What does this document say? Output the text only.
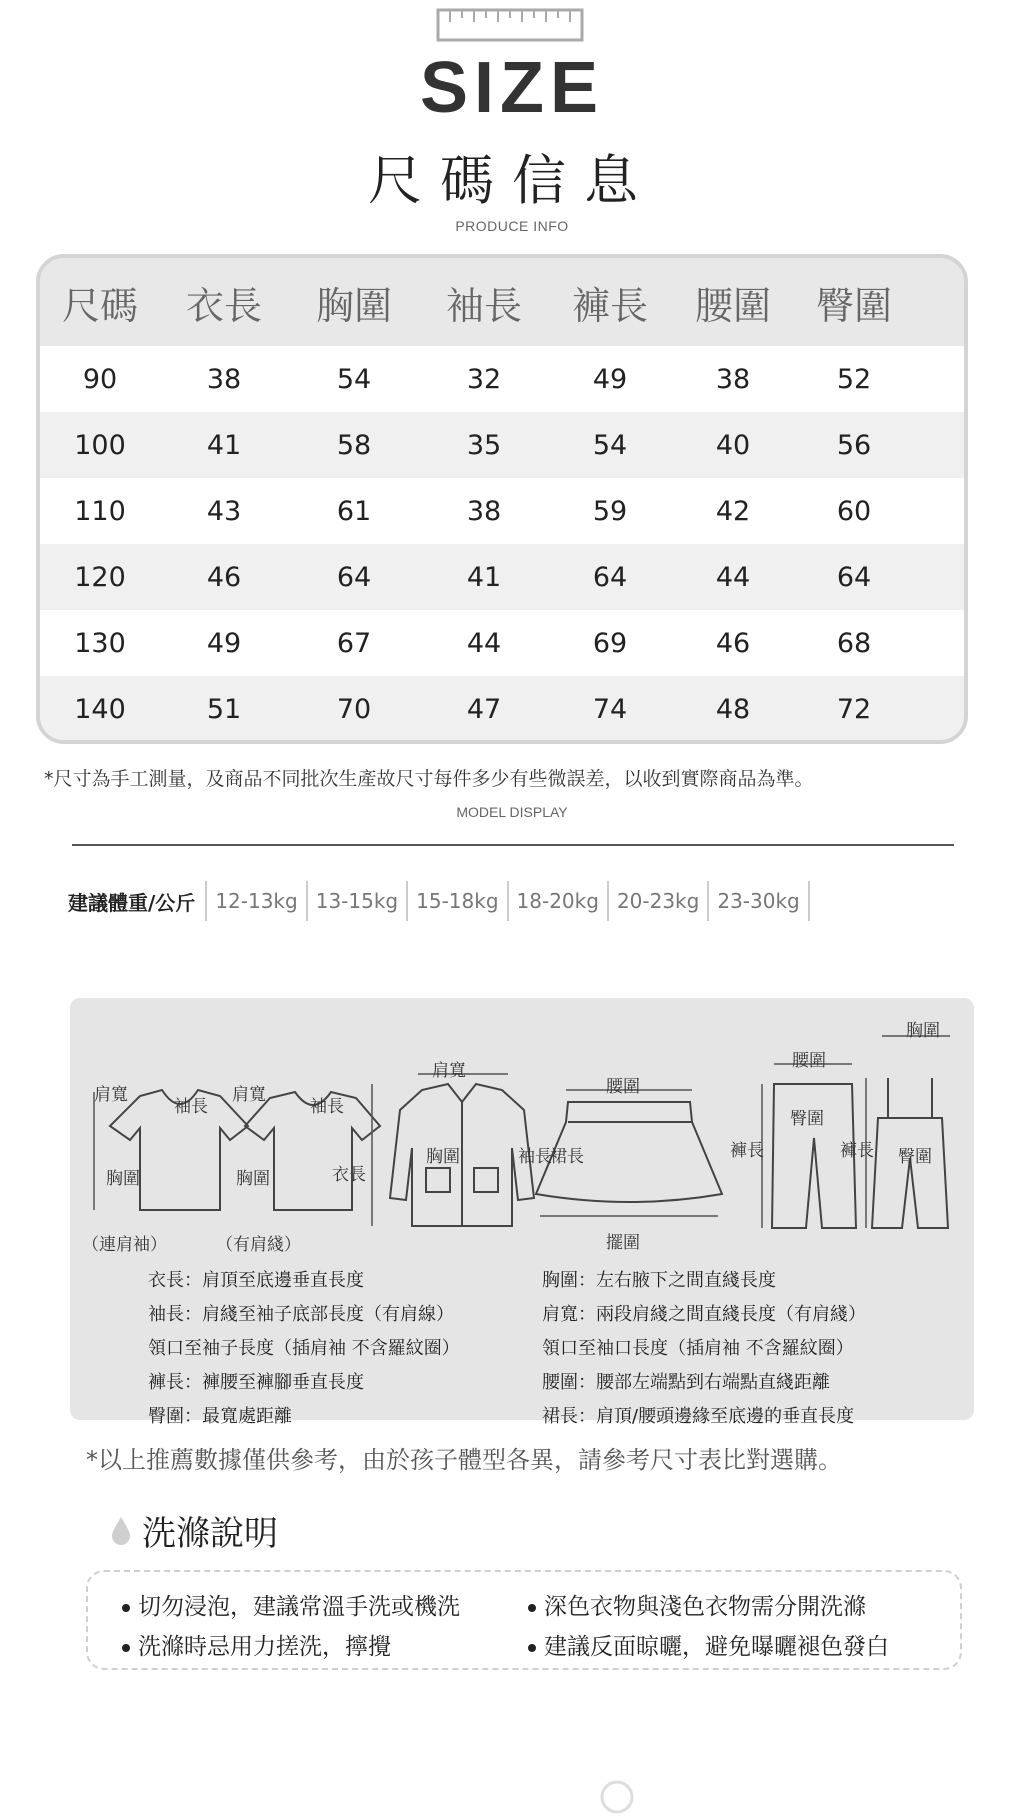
SIZE
尺碼信息
PRODUCE INFO
尺碼	衣長	胸圍	袖長	褲長	腰圍	臀圍
90	38	54	32	49	38	52
100	41	58	35	54	40	56
110	43	61	38	59	42	60
120	46	64	41	64	44	64
130	49	67	44	69	46	68
140	51	70	47	74	48	72
*尺寸為手工測量，及商品不同批次生產故尺寸每件多少有些微誤差，以收到實際商品為準。
MODEL DISPLAY
建議體重/公斤	12-13kg 13-15kg 15-18kg 18-20kg 20-23kg 23-30kg
肩寬
袖長
胸圍
肩寬
袖長
胸圍
（連肩袖）	（有肩綫）
衣長
肩寬
胸圍	袖長
腰圍
裙長
擺圍
腰圍
臀圍
褲長
胸圍
褲長 臀圍
衣長：肩頂至底邊垂直長度
袖長：肩綫至袖子底部長度（有肩線）
領口至袖子長度（插肩袖 不含羅紋圈）
褲長：褲腰至褲腳垂直長度
臀圍：最寬處距離
胸圍：左右腋下之間直綫長度
肩寬：兩段肩綫之間直綫長度（有肩綫）
領口至袖口長度（插肩袖 不含羅紋圈）
腰圍：腰部左端點到右端點直綫距離
裙長：肩頂/腰頭邊緣至底邊的垂直長度
*以上推薦數據僅供參考，由於孩子體型各異，請參考尺寸表比對選購。
洗滌說明
切勿浸泡，建議常溫手洗或機洗	深色衣物與淺色衣物需分開洗滌
洗滌時忌用力搓洗，擰攪	建議反面晾曬，避免曝曬褪色發白
